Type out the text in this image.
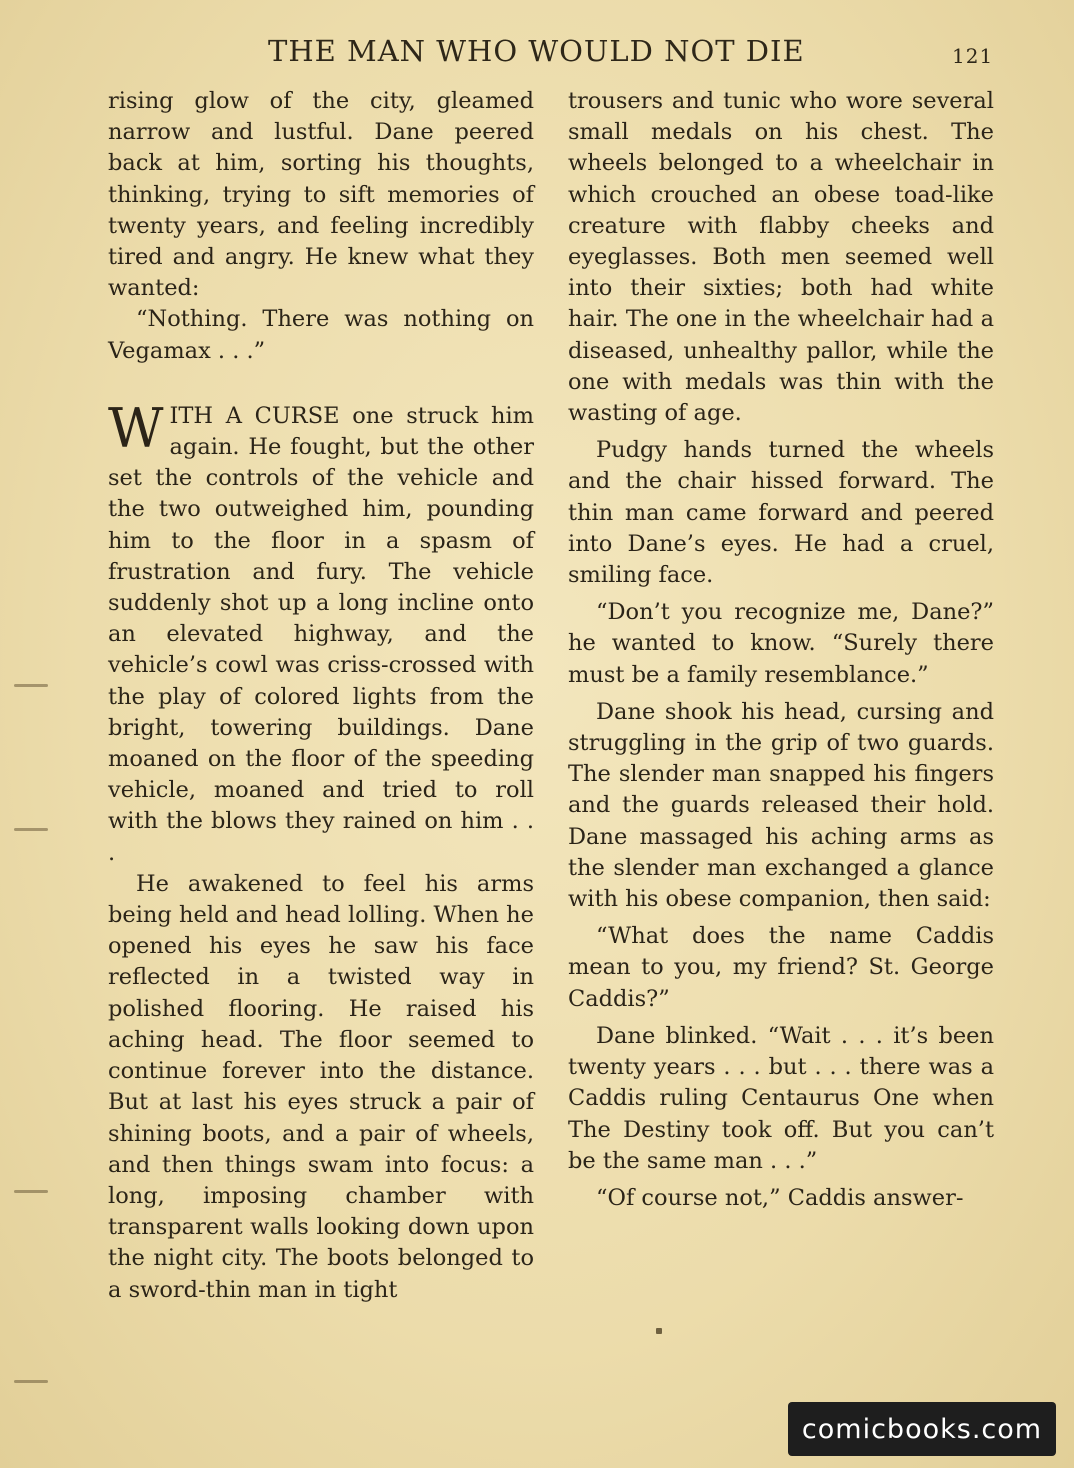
THE MAN WHO WOULD NOT DIE	121

rising glow of the city, gleamed narrow and lustful. Dane peered back at him, sorting his thoughts, thinking, trying to sift memories of twenty years, and feeling incredibly tired and angry. He knew what they wanted:

“Nothing. There was nothing on Vegamax . . .”

WITH A CURSE one struck him again. He fought, but the other set the controls of the vehicle and the two outweighed him, pounding him to the floor in a spasm of frustration and fury. The vehicle suddenly shot up a long incline onto an elevated highway, and the vehicle’s cowl was criss-crossed with the play of colored lights from the bright, towering buildings. Dane moaned on the floor of the speeding vehicle, moaned and tried to roll with the blows they rained on him . . .

He awakened to feel his arms being held and head lolling. When he opened his eyes he saw his face reflected in a twisted way in polished flooring. He raised his aching head. The floor seemed to continue forever into the distance. But at last his eyes struck a pair of shining boots, and a pair of wheels, and then things swam into focus: a long, imposing chamber with transparent walls looking down upon the night city. The boots belonged to a sword-thin man in tight

trousers and tunic who wore several small medals on his chest. The wheels belonged to a wheelchair in which crouched an obese toad-like creature with flabby cheeks and eyeglasses. Both men seemed well into their sixties; both had white hair. The one in the wheelchair had a diseased, unhealthy pallor, while the one with medals was thin with the wasting of age.

Pudgy hands turned the wheels and the chair hissed forward. The thin man came forward and peered into Dane’s eyes. He had a cruel, smiling face.

“Don’t you recognize me, Dane?” he wanted to know. “Surely there must be a family resemblance.”

Dane shook his head, cursing and struggling in the grip of two guards. The slender man snapped his fingers and the guards released their hold. Dane massaged his aching arms as the slender man exchanged a glance with his obese companion, then said:

“What does the name Caddis mean to you, my friend? St. George Caddis?”

Dane blinked. “Wait . . . it’s been twenty years . . . but . . . there was a Caddis ruling Centaurus One when The Destiny took off. But you can’t be the same man . . .”

“Of course not,” Caddis answer-

comicbooks.com
